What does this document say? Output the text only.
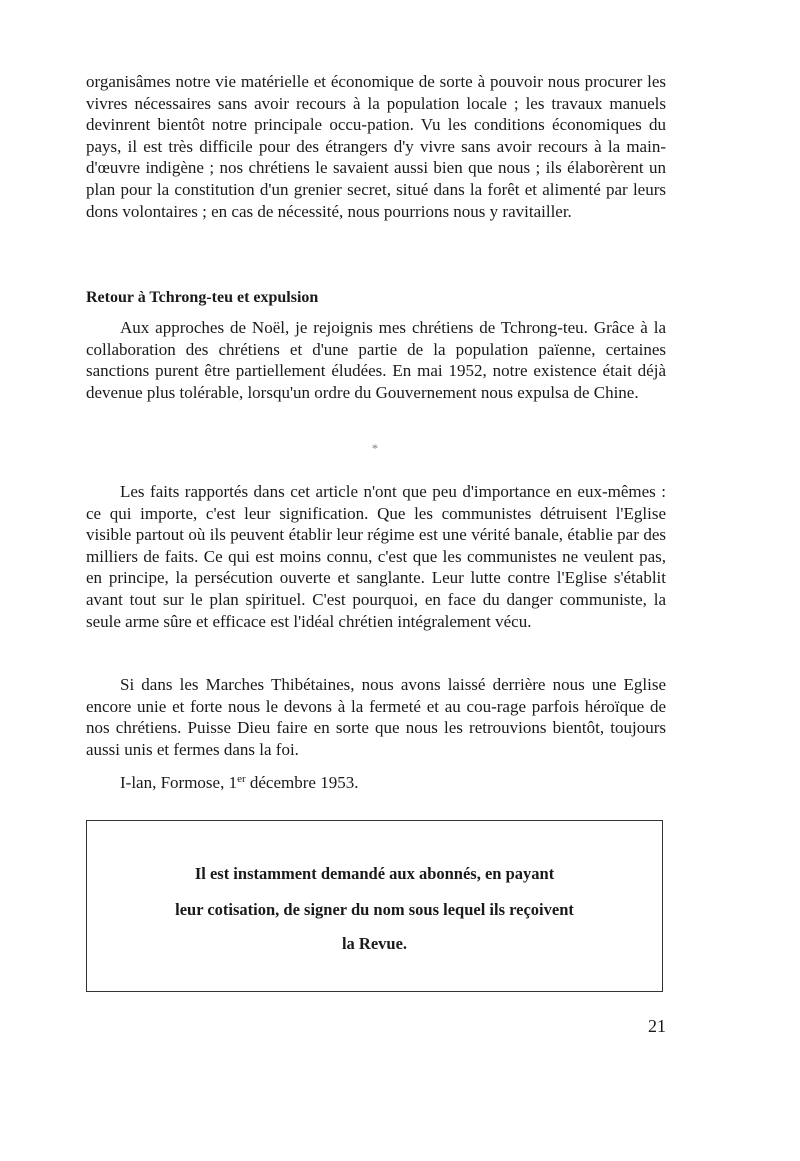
organisâmes notre vie matérielle et économique de sorte à pouvoir nous procurer les vivres nécessaires sans avoir recours à la population locale ; les travaux manuels devinrent bientôt notre principale occu-pation. Vu les conditions économiques du pays, il est très difficile pour des étrangers d'y vivre sans avoir recours à la main-d'œuvre indigène ; nos chrétiens le savaient aussi bien que nous ; ils élaborèrent un plan pour la constitution d'un grenier secret, situé dans la forêt et alimenté par leurs dons volontaires ; en cas de nécessité, nous pourrions nous y ravitailler.

Retour à Tchrong-teu et expulsion

Aux approches de Noël, je rejoignis mes chrétiens de Tchrong-teu. Grâce à la collaboration des chrétiens et d'une partie de la population païenne, certaines sanctions purent être partiellement éludées. En mai 1952, notre existence était déjà devenue plus tolérable, lorsqu'un ordre du Gouvernement nous expulsa de Chine.

*

Les faits rapportés dans cet article n'ont que peu d'importance en eux-mêmes : ce qui importe, c'est leur signification. Que les communistes détruisent l'Eglise visible partout où ils peuvent établir leur régime est une vérité banale, établie par des milliers de faits. Ce qui est moins connu, c'est que les communistes ne veulent pas, en principe, la persécution ouverte et sanglante. Leur lutte contre l'Eglise s'établit avant tout sur le plan spirituel. C'est pourquoi, en face du danger communiste, la seule arme sûre et efficace est l'idéal chrétien intégralement vécu.

Si dans les Marches Thibétaines, nous avons laissé derrière nous une Eglise encore unie et forte nous le devons à la fermeté et au cou-rage parfois héroïque de nos chrétiens. Puisse Dieu faire en sorte que nous les retrouvions bientôt, toujours aussi unis et fermes dans la foi.

I-lan, Formose, 1er décembre 1953.

Il est instamment demandé aux abonnés, en payant
leur cotisation, de signer du nom sous lequel ils reçoivent
la Revue.
21
